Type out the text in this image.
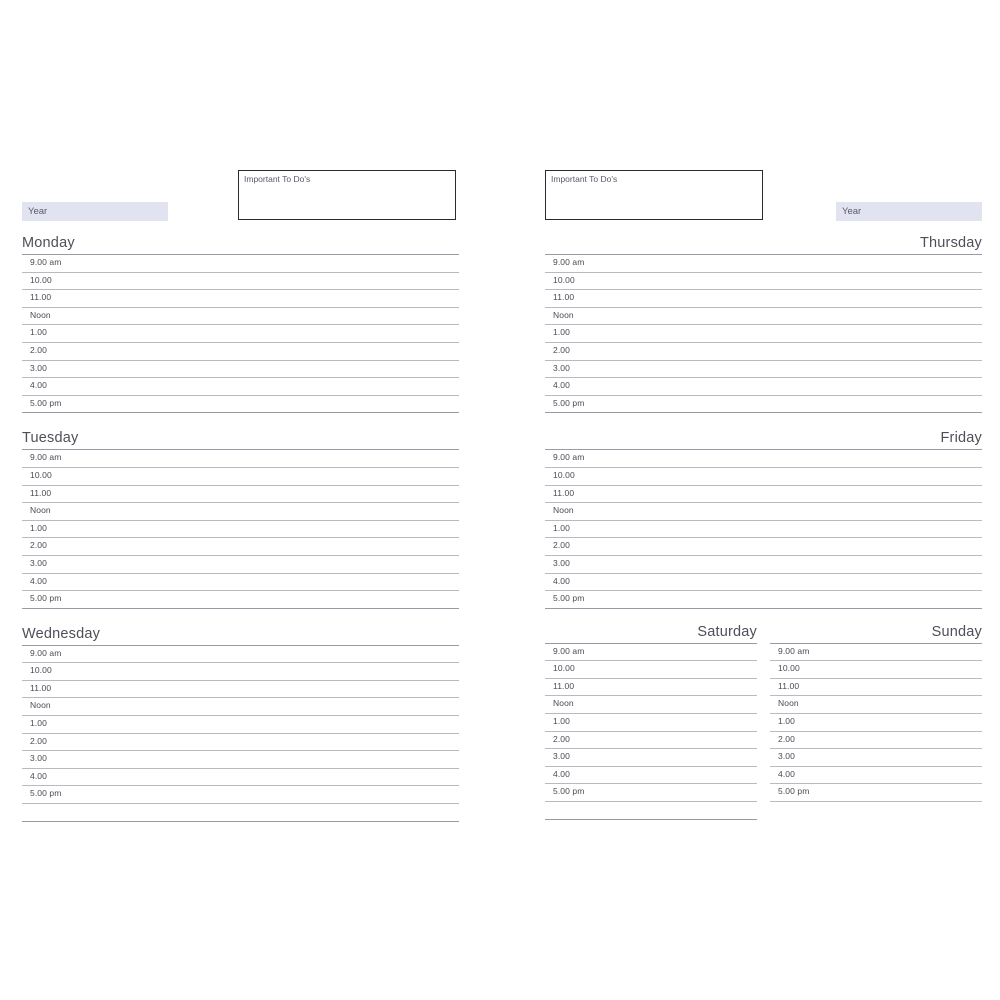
Year
Important To Do's
Monday
9.00 am
10.00
11.00
Noon
1.00
2.00
3.00
4.00
5.00 pm
Tuesday
9.00 am
10.00
11.00
Noon
1.00
2.00
3.00
4.00
5.00 pm
Wednesday
9.00 am
10.00
11.00
Noon
1.00
2.00
3.00
4.00
5.00 pm
Important To Do's
Year
Thursday
9.00 am
10.00
11.00
Noon
1.00
2.00
3.00
4.00
5.00 pm
Friday
9.00 am
10.00
11.00
Noon
1.00
2.00
3.00
4.00
5.00 pm
Saturday
9.00 am
10.00
11.00
Noon
1.00
2.00
3.00
4.00
5.00 pm
Sunday
9.00 am
10.00
11.00
Noon
1.00
2.00
3.00
4.00
5.00 pm
